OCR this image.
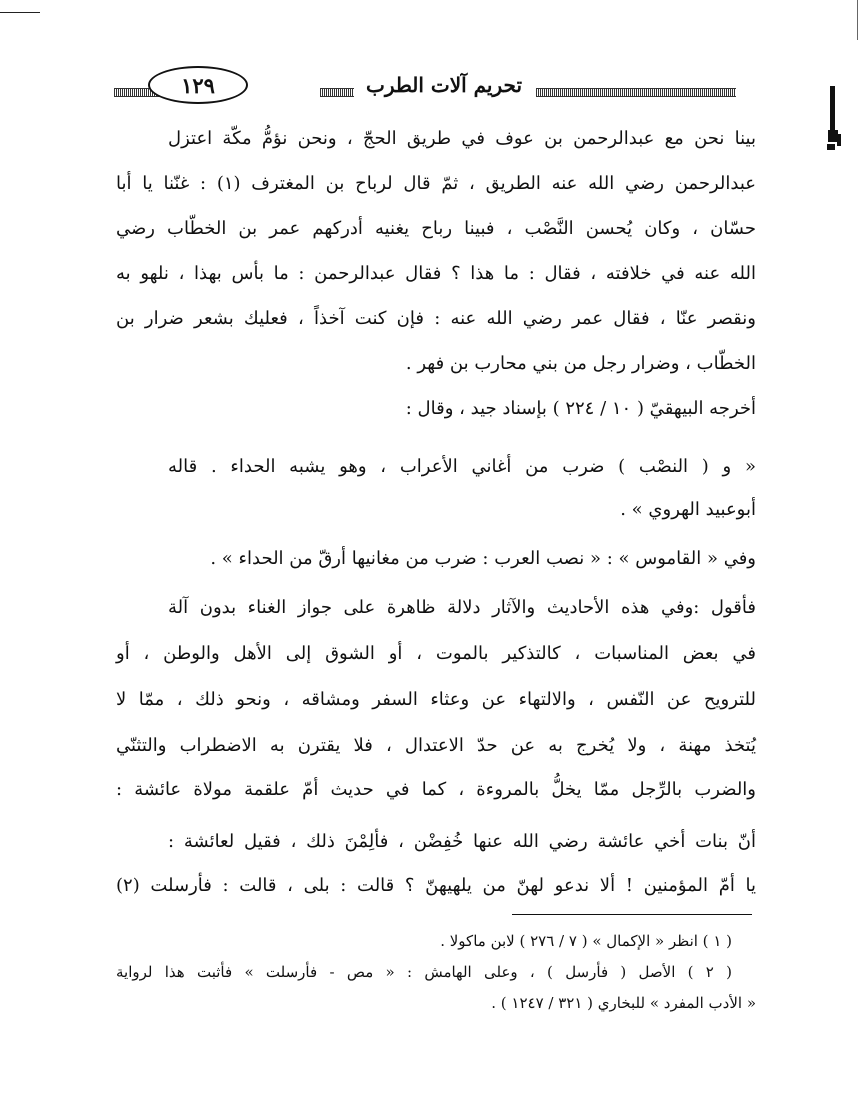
١٢٩	تحريم آلات الطرب
بينا نحن مع عبدالرحمن بن عوف في طريق الحجّ ، ونحن نؤمُّ مكّة اعتزل
عبدالرحمن رضي الله عنه الطريق ، ثمّ قال لرباح بن المغترف (١) : غنّنا يا أبا
حسّان ، وكان يُحسن النَّصْب ، فبينا رباح يغنيه أدركهم عمر بن الخطّاب رضي
الله عنه في خلافته ، فقال : ما هذا ؟ فقال عبدالرحمن : ما بأس بهذا ، نلهو به
ونقصر عنّا ، فقال عمر رضي الله عنه : فإن كنت آخذاً ، فعليك بشعر ضرار بن
الخطّاب ، وضرار رجل من بني محارب بن فهر .
أخرجه البيهقيّ ( ١٠ / ٢٢٤ ) بإسناد جيد ، وقال :
« و ( النصْب ) ضرب من أغاني الأعراب ، وهو يشبه الحداء . قاله
أبوعبيد الهروي » .
وفي « القاموس » : « نصب العرب : ضرب من مغانيها أرقّ من الحداء » .
فأقول :وفي هذه الأحاديث والآثار دلالة ظاهرة على جواز الغناء بدون آلة
في بعض المناسبات ، كالتذكير بالموت ، أو الشوق إلى الأهل والوطن ، أو
للترويح عن النّفس ، والالتهاء عن وعثاء السفر ومشاقه ، ونحو ذلك ، ممّا لا
يُتخذ مهنة ، ولا يُخرج به عن حدّ الاعتدال ، فلا يقترن به الاضطراب والتثنّي
والضرب بالرِّجل ممّا يخلُّ بالمروءة ، كما في حديث أمّ علقمة مولاة عائشة :
أنّ بنات أخي عائشة رضي الله عنها خُفِضْن ، فألِمْنَ ذلك ، فقيل لعائشة :
يا أمّ المؤمنين ! ألا ندعو لهنّ من يلهيهنّ ؟ قالت : بلى ، قالت : فأرسلت (٢)
( ١ ) انظر « الإكمال » ( ٧ / ٢٧٦ ) لابن ماكولا .
( ٢ ) الأصل ( فأرسل ) ، وعلى الهامش : « مص - فأرسلت » فأثبت هذا لرواية
« الأدب المفرد » للبخاري ( ٣٢١ / ١٢٤٧ ) .
